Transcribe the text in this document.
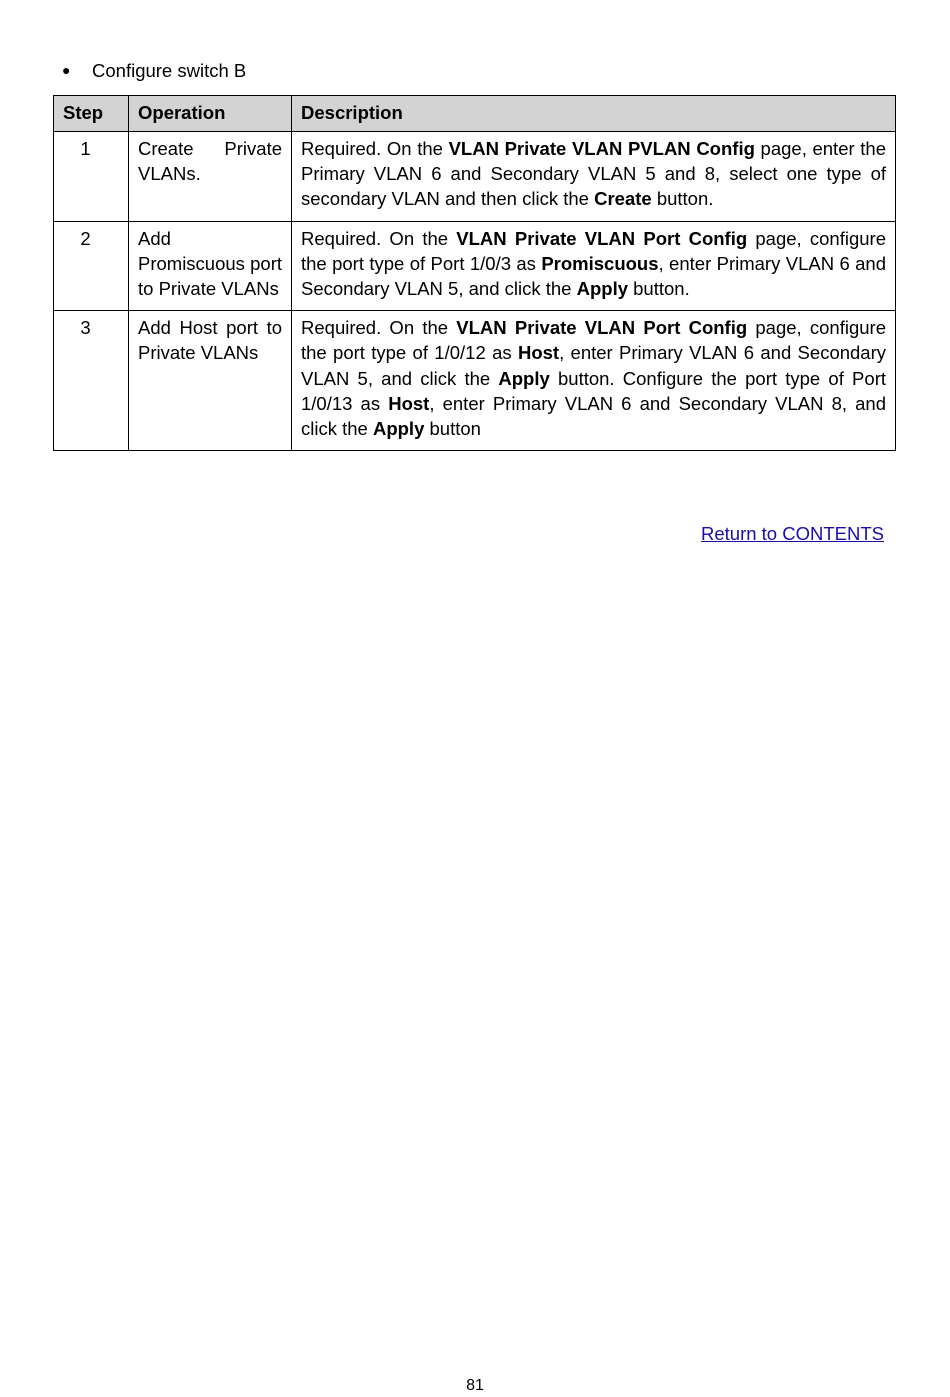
● Configure switch B
Step	Operation	Description
1	Create Private VLANs.	Required. On the VLAN Private VLAN PVLAN Config page, enter the Primary VLAN 6 and Secondary VLAN 5 and 8, select one type of secondary VLAN and then click the Create button.
2	Add Promiscuous port to Private VLANs	Required. On the VLAN Private VLAN Port Config page, configure the port type of Port 1/0/3 as Promiscuous, enter Primary VLAN 6 and Secondary VLAN 5, and click the Apply button.
3	Add Host port to Private VLANs	Required. On the VLAN Private VLAN Port Config page, configure the port type of 1/0/12 as Host, enter Primary VLAN 6 and Secondary VLAN 5, and click the Apply button. Configure the port type of Port 1/0/13 as Host, enter Primary VLAN 6 and Secondary VLAN 8, and click the Apply button
Return to CONTENTS
81
